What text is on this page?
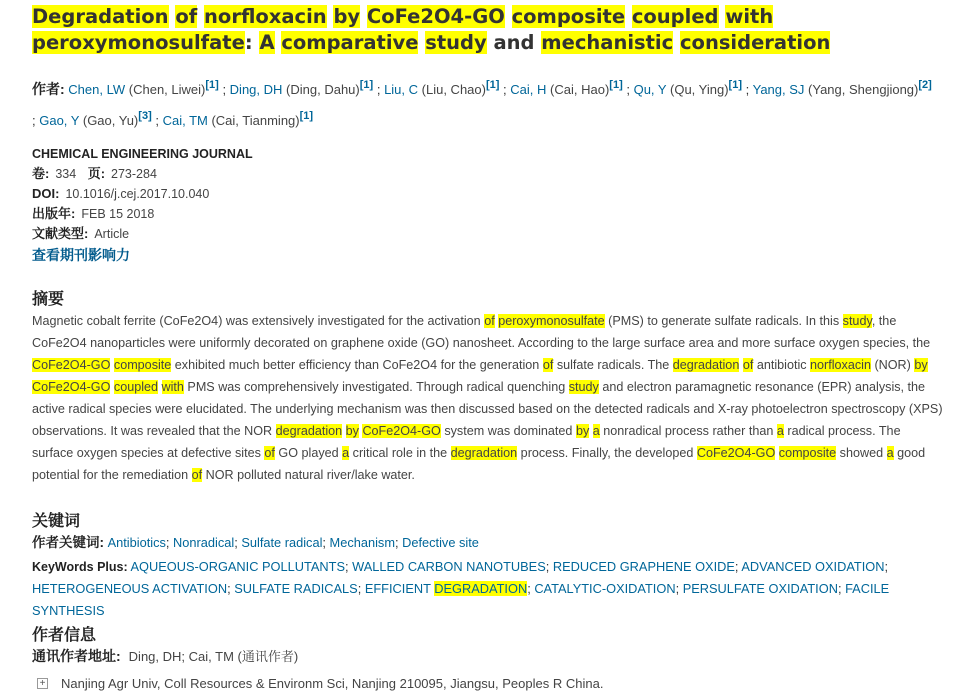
Degradation of norfloxacin by CoFe2O4-GO composite coupled with peroxymonosulfate: A comparative study and mechanistic consideration
作者: Chen, LW (Chen, Liwei)[1] ; Ding, DH (Ding, Dahu)[1] ; Liu, C (Liu, Chao)[1] ; Cai, H (Cai, Hao)[1] ; Qu, Y (Qu, Ying)[1] ; Yang, SJ (Yang, Shengjiong)[2] ; Gao, Y (Gao, Yu)[3] ; Cai, TM (Cai, Tianming)[1]
CHEMICAL ENGINEERING JOURNAL
卷: 334 页: 273-284
DOI: 10.1016/j.cej.2017.10.040
出版年: FEB 15 2018
文献类型: Article
查看期刊影响力
摘要
Magnetic cobalt ferrite (CoFe2O4) was extensively investigated for the activation of peroxymonosulfate (PMS) to generate sulfate radicals. In this study, the CoFe2O4 nanoparticles were uniformly decorated on graphene oxide (GO) nanosheet. According to the large surface area and more surface oxygen species, the CoFe2O4-GO composite exhibited much better efficiency than CoFe2O4 for the generation of sulfate radicals. The degradation of antibiotic norfloxacin (NOR) by CoFe2O4-GO coupled with PMS was comprehensively investigated. Through radical quenching study and electron paramagnetic resonance (EPR) analysis, the active radical species were elucidated. The underlying mechanism was then discussed based on the detected radicals and X-ray photoelectron spectroscopy (XPS) observations. It was revealed that the NOR degradation by CoFe2O4-GO system was dominated by a nonradical process rather than a radical process. The surface oxygen species at defective sites of GO played a critical role in the degradation process. Finally, the developed CoFe2O4-GO composite showed a good potential for the remediation of NOR polluted natural river/lake water.
关键词
作者关键词: Antibiotics; Nonradical; Sulfate radical; Mechanism; Defective site
KeyWords Plus: AQUEOUS-ORGANIC POLLUTANTS; WALLED CARBON NANOTUBES; REDUCED GRAPHENE OXIDE; ADVANCED OXIDATION; HETEROGENEOUS ACTIVATION; SULFATE RADICALS; EFFICIENT DEGRADATION; CATALYTIC-OXIDATION; PERSULFATE OXIDATION; FACILE SYNTHESIS
作者信息
通讯作者地址: Ding, DH; Cai, TM (通讯作者)
+ Nanjing Agr Univ, Coll Resources & Environm Sci, Nanjing 210095, Jiangsu, Peoples R China.
